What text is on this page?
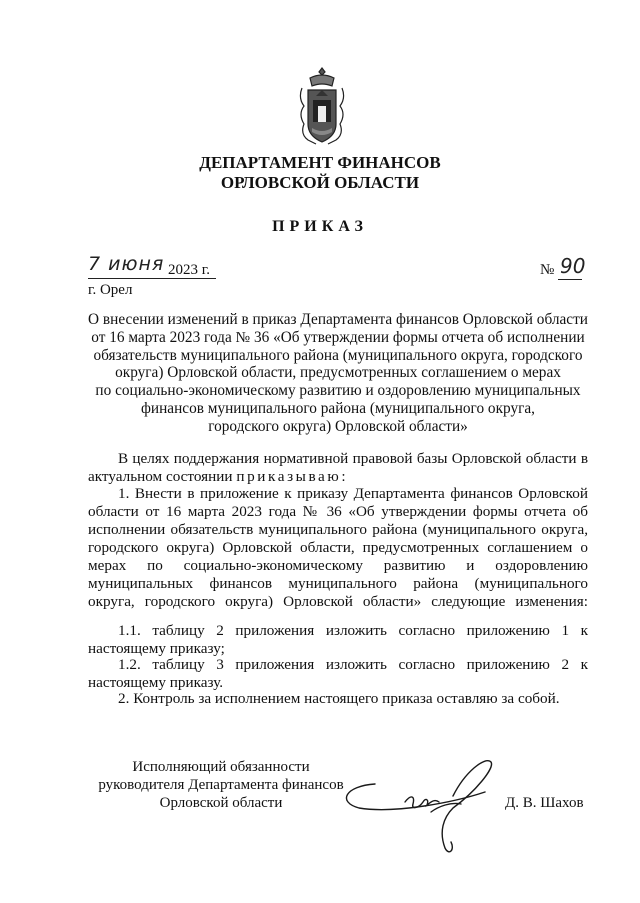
ДЕПАРТАМЕНТ ФИНАНСОВ
ОРЛОВСКОЙ ОБЛАСТИ
ПРИКАЗ
7 июня 2023 г.	№ 90
г. Орел
О внесении изменений в приказ Департамента финансов Орловской области
от 16 марта 2023 года № 36 «Об утверждении формы отчета об исполнении
обязательств муниципального района (муниципального округа, городского
округа) Орловской области, предусмотренных соглашением о мерах
по социально-экономическому развитию и оздоровлению муниципальных
финансов муниципального района (муниципального округа,
городского округа) Орловской области»
В целях поддержания нормативной правовой базы Орловской области в актуальном состоянии приказываю:
1. Внести в приложение к приказу Департамента финансов Орловской области от 16 марта 2023 года № 36 «Об утверждении формы отчета об исполнении обязательств муниципального района (муниципального округа, городского округа) Орловской области, предусмотренных соглашением о мерах по социально-экономическому развитию и оздоровлению муниципальных финансов муниципального района (муниципального округа, городского округа) Орловской области» следующие изменения:
1.1. таблицу 2 приложения изложить согласно приложению 1 к настоящему приказу;
1.2. таблицу 3 приложения изложить согласно приложению 2 к настоящему приказу.
2. Контроль за исполнением настоящего приказа оставляю за собой.
Исполняющий обязанности
руководителя Департамента финансов
Орловской области	Д. В. Шахов
